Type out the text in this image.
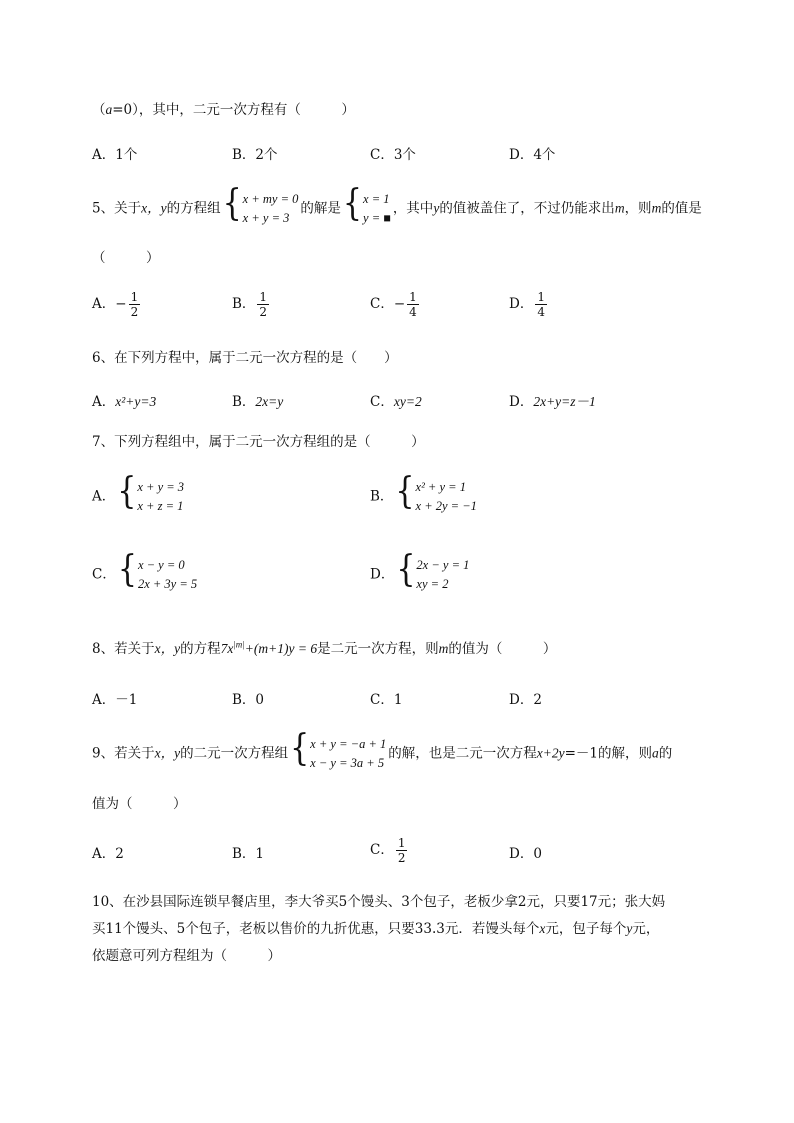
（a=0），其中，二元一次方程有（　　　）
A．1个	B．2个	C．3个	D．4个
5、关于x，y的方程组 { x + my = 0
x + y = 3
的解是 { x = 1
y = ■
，其中y的值被盖住了，不过仍能求出m，则m的值是
（　　　）
A．− $\frac{1}{2}$	B． $\frac{1}{2}$	C．− $\frac{1}{4}$	D． $\frac{1}{4}$
6、在下列方程中，属于二元一次方程的是（　　）
A．x²+y=3	B．2x=y	C．xy=2	D．2x+y=z－1
7、下列方程组中，属于二元一次方程组的是（　　　）
A． { x + y = 3
x + z = 1
B． { x² + y = 1
x + 2y = −1
C． { x − y = 0
2x + 3y = 5
D． { 2x − y = 1
xy = 2
8、若关于x，y的方程$7x^{|m|}+(m+1)y = 6$是二元一次方程，则m的值为（　　　）
A．－1	B．0	C．1	D．2
9、若关于x，y的二元一次方程组 { x + y = −a + 1
x − y = 3a + 5
的解，也是二元一次方程x+2y=－1的解，则a的
值为（　　　）
A．2	B．1	C． $\frac{1}{2}$	D．0
10、在沙县国际连锁早餐店里，李大爷买5个馒头、3个包子，老板少拿2元，只要17元；张大妈
买11个馒头、5个包子，老板以售价的九折优惠，只要33.3元．若馒头每个x元，包子每个y元，
依题意可列方程组为（　　　）
